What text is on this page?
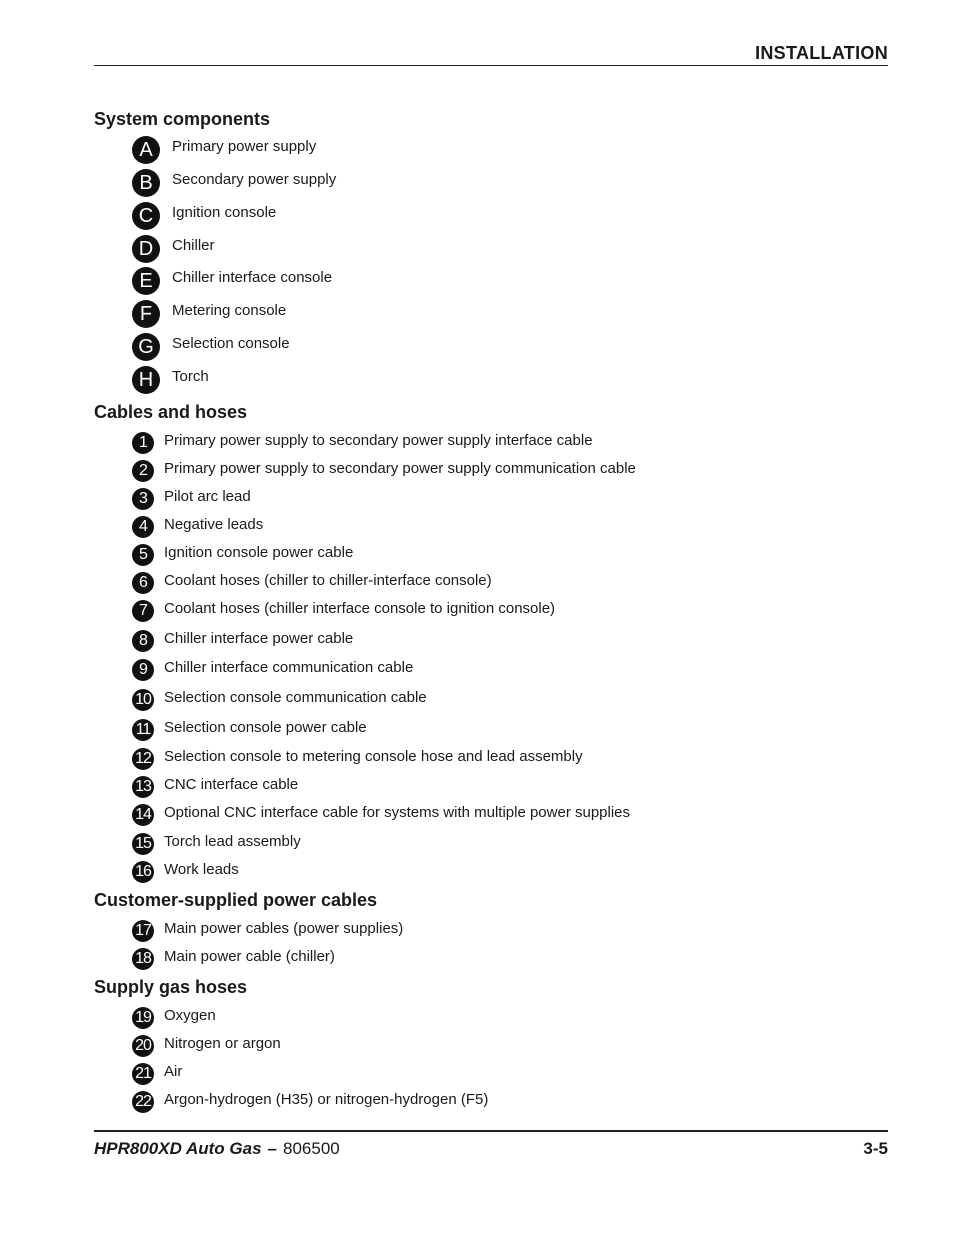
INSTALLATION
System components
A	Primary power supply
B	Secondary power supply
C	Ignition console
D	Chiller
E	Chiller interface console
F	Metering console
G	Selection console
H	Torch
Cables and hoses
1	Primary power supply to secondary power supply interface cable
2	Primary power supply to secondary power supply communication cable
3	Pilot arc lead
4	Negative leads
5	Ignition console power cable
6	Coolant hoses (chiller to chiller-interface console)
7	Coolant hoses (chiller interface console to ignition console)
8	Chiller interface power cable
9	Chiller interface communication cable
10 Selection console communication cable
11 Selection console power cable
12 Selection console to metering console hose and lead assembly
13 CNC interface cable
14 Optional CNC interface cable for systems with multiple power supplies
15 Torch lead assembly
16 Work leads
Customer-supplied power cables
17 Main power cables (power supplies)
18 Main power cable (chiller)
Supply gas hoses
19 Oxygen
20 Nitrogen or argon
21 Air
22 Argon-hydrogen (H35) or nitrogen-hydrogen (F5)
HPR800XD Auto Gas – 806500	3-5
